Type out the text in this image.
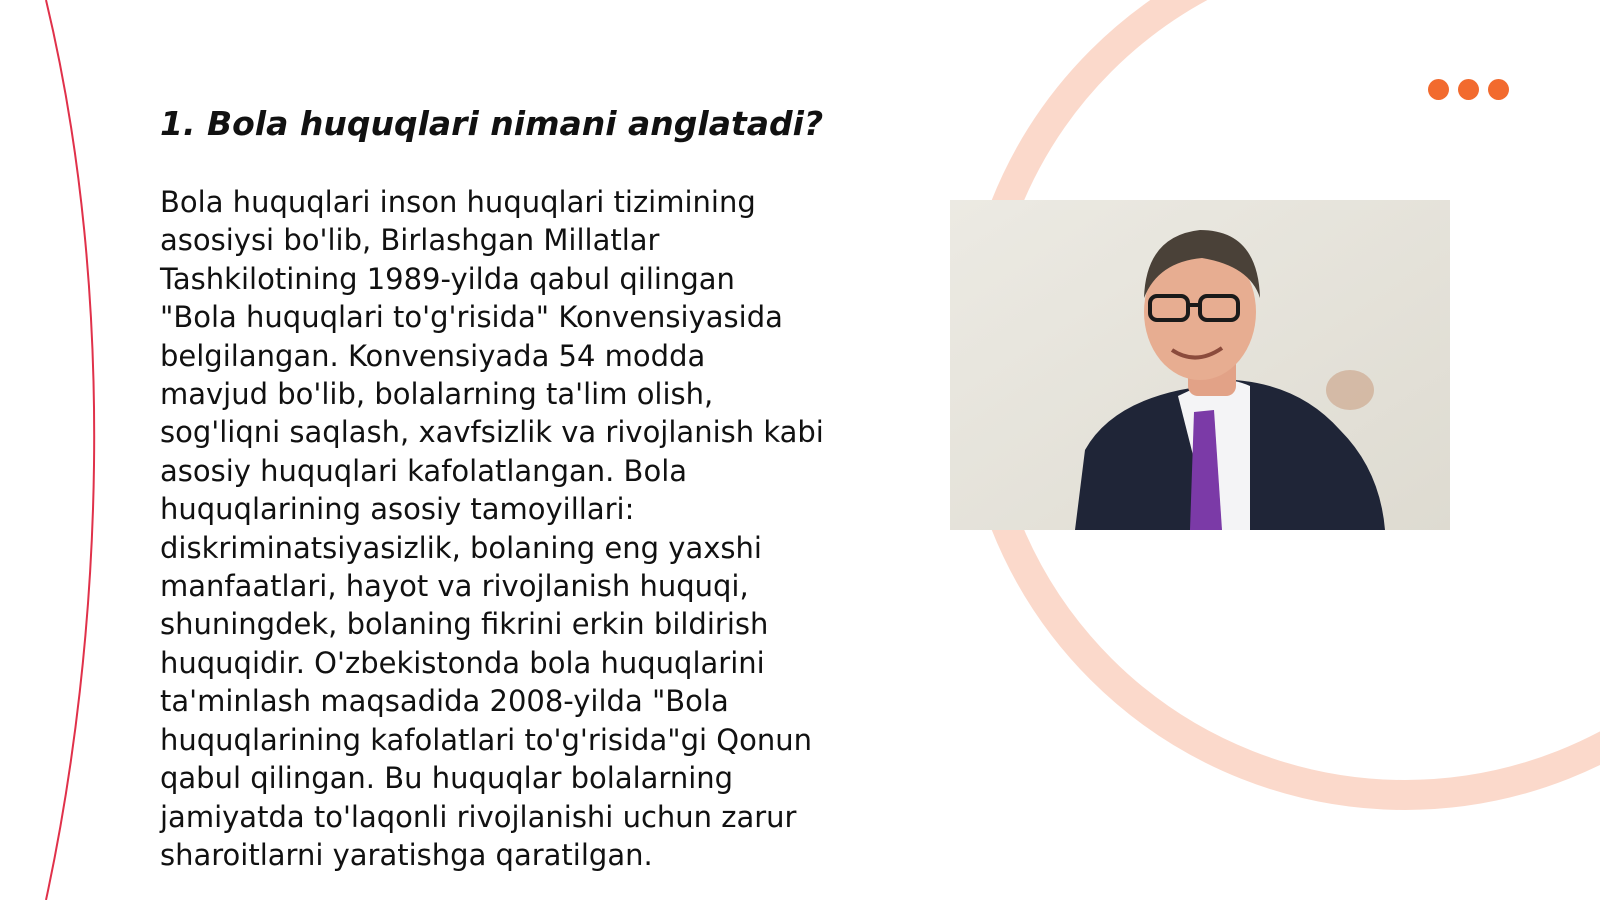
1. Bola huquqlari nimani anglatadi?

Bola huquqlari inson huquqlari tizimining
asosiysi bo'lib, Birlashgan Millatlar
Tashkilotining 1989-yilda qabul qilingan
"Bola huquqlari to'g'risida" Konvensiyasida
belgilangan. Konvensiyada 54 modda
mavjud bo'lib, bolalarning ta'lim olish,
sog'liqni saqlash, xavfsizlik va rivojlanish kabi
asosiy huquqlari kafolatlangan. Bola
huquqlarining asosiy tamoyillari:
diskriminatsiyasizlik, bolaning eng yaxshi
manfaatlari, hayot va rivojlanish huquqi,
shuningdek, bolaning fikrini erkin bildirish
huquqidir. O'zbekistonda bola huquqlarini
ta'minlash maqsadida 2008-yilda "Bola
huquqlarining kafolatlari to'g'risida"gi Qonun
qabul qilingan. Bu huquqlar bolalarning
jamiyatda to'laqonli rivojlanishi uchun zarur
sharoitlarni yaratishga qaratilgan.
